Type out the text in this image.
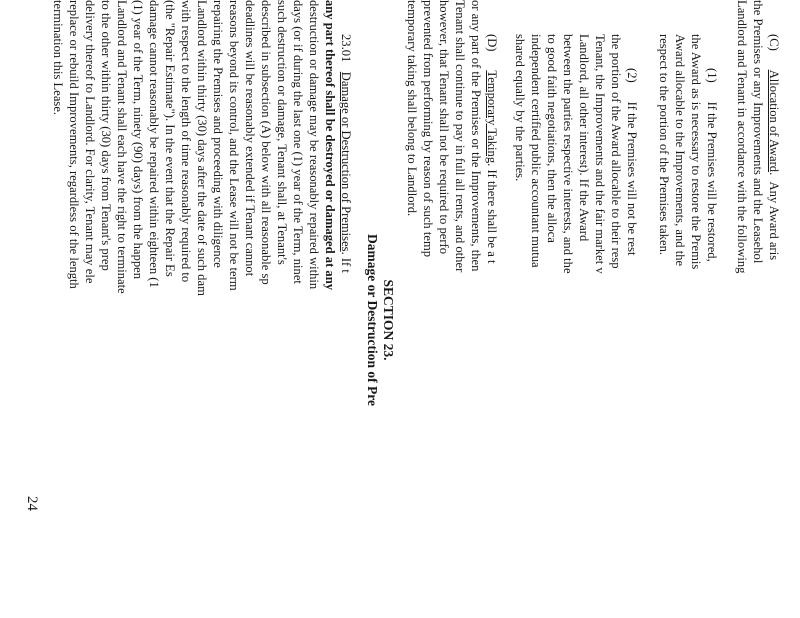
(C)      Allocation of Award.  Any Award aris
the Premises or any Improvements and the Leasehol
Landlord and Tenant in accordance with the following
(1)      If the Premises will be restored,
the Award as is necessary to restore the Premis
Award allocable to the Improvements, and the
respect to the portion of the Premises taken.
(2)      If the Premises will not be rest
the portion of the Award allocable to their resp
Tenant, the Improvements and the fair market v
Landlord, all other interest). If the Award
between the parties respective interests, and the
to good faith negotiations, then the alloca
independent certified public accountant mutua
shared equally by the parties.
(D)      Temporary Taking. If there shall be a t
or any part of the Premises or the Improvements, then
Tenant shall continue to pay in full all rents, and other
however, that Tenant shall not be required to perfo
prevented from performing by reason of such temp
temporary taking shall belong to Landlord.
SECTION 23.
Damage or Destruction of Pre
23.01   Damage or Destruction of Premises. If t
any part thereof shall be destroyed or damaged at any
destruction or damage may be reasonably repaired within
days (or if during the last one (1) year of the Term, ninet
such destruction or damage, Tenant shall, at Tenant's
described in subsection (A) below with all reasonable sp
deadlines will be reasonably extended if Tenant cannot
reasons beyond its control, and the Lease will not be term
repairing the Premises and proceeding with diligence
Landlord within thirty (30) days after the date of such dam
with respect to the length of time reasonably required to
(the "Repair Estimate"). In the event that the Repair Es
damage cannot reasonably be repaired within eighteen (1
(1) year of the Term, ninety (90) days) from the happen
Landlord and Tenant shall each have the right to terminate
to the other within thirty (30) days from Tenant's prep
delivery thereof to Landlord. For clarity, Tenant may ele
replace or rebuild Improvements, regardless of the length
termination this Lease.
24
